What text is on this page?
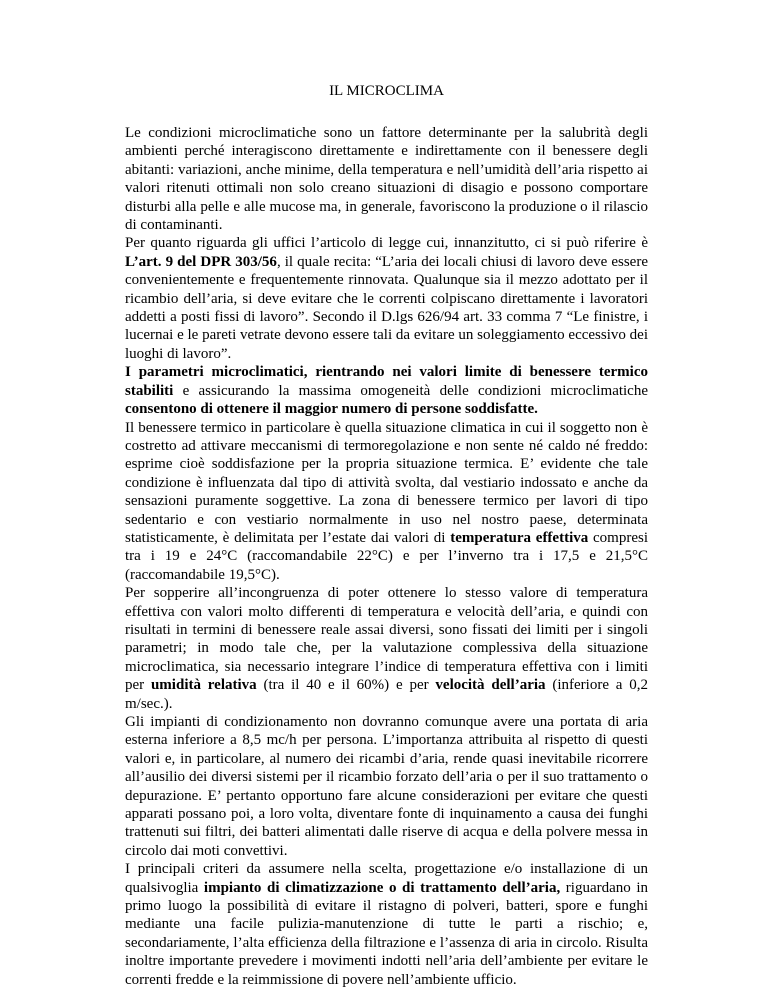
IL MICROCLIMA

Le condizioni microclimatiche sono un fattore determinante per la salubrità degli ambienti perché interagiscono direttamente e indirettamente con il benessere degli abitanti: variazioni, anche minime, della temperatura e nell’umidità dell’aria rispetto ai valori ritenuti ottimali non solo creano situazioni di disagio e possono comportare disturbi alla pelle e alle mucose ma, in generale, favoriscono la produzione o il rilascio di contaminanti.

Per quanto riguarda gli uffici l’articolo di legge cui, innanzitutto, ci si può riferire è L’art. 9 del DPR 303/56, il quale recita: “L’aria dei locali chiusi di lavoro deve essere convenientemente e frequentemente rinnovata. Qualunque sia il mezzo adottato per il ricambio dell’aria, si deve evitare che le correnti colpiscano direttamente i lavoratori addetti a posti fissi di lavoro”. Secondo il D.lgs 626/94 art. 33 comma 7 “Le finistre, i lucernai e le pareti vetrate devono essere tali da evitare un soleggiamento eccessivo dei luoghi di lavoro”.

I parametri microclimatici, rientrando nei valori limite di benessere termico stabiliti e assicurando la massima omogeneità delle condizioni microclimatiche consentono di ottenere il maggior numero di persone soddisfatte.

Il benessere termico in particolare è quella situazione climatica in cui il soggetto non è costretto ad attivare meccanismi di termoregolazione e non sente né caldo né freddo: esprime cioè soddisfazione per la propria situazione termica. E’ evidente che tale condizione è influenzata dal tipo di attività svolta, dal vestiario indossato e anche da sensazioni puramente soggettive. La zona di benessere termico per lavori di tipo sedentario e con vestiario normalmente in uso nel nostro paese, determinata statisticamente, è delimitata per l’estate dai valori di temperatura effettiva compresi tra i 19 e 24°C (raccomandabile 22°C) e per l’inverno tra i 17,5 e 21,5°C (raccomandabile 19,5°C).

Per sopperire all’incongruenza di poter ottenere lo stesso valore di temperatura effettiva con valori molto differenti di temperatura e velocità dell’aria, e quindi con risultati in termini di benessere reale assai diversi, sono fissati dei limiti per i singoli parametri; in modo tale che, per la valutazione complessiva della situazione microclimatica, sia necessario integrare l’indice di temperatura effettiva con i limiti per umidità relativa (tra il 40 e il 60%) e per velocità dell’aria (inferiore a 0,2 m/sec.).

Gli impianti di condizionamento non dovranno comunque avere una portata di aria esterna inferiore a 8,5 mc/h per persona. L’importanza attribuita al rispetto di questi valori e, in particolare, al numero dei ricambi d’aria, rende quasi inevitabile ricorrere all’ausilio dei diversi sistemi per il ricambio forzato dell’aria o per il suo trattamento o depurazione. E’ pertanto opportuno fare alcune considerazioni per evitare che questi apparati possano poi, a loro volta, diventare fonte di inquinamento a causa dei funghi trattenuti sui filtri, dei batteri alimentati dalle riserve di acqua e della polvere messa in circolo dai moti convettivi.

I principali criteri da assumere nella scelta, progettazione e/o installazione di un qualsivoglia impianto di climatizzazione o di trattamento dell’aria, riguardano in primo luogo la possibilità di evitare il ristagno di polveri, batteri, spore e funghi mediante una facile pulizia-manutenzione di tutte le parti a rischio; e, secondariamente, l’alta efficienza della filtrazione e l’assenza di aria in circolo. Risulta inoltre importante prevedere i movimenti indotti nell’aria dell’ambiente per evitare le correnti fredde e la reimmissione di povere nell’ambiente ufficio.
